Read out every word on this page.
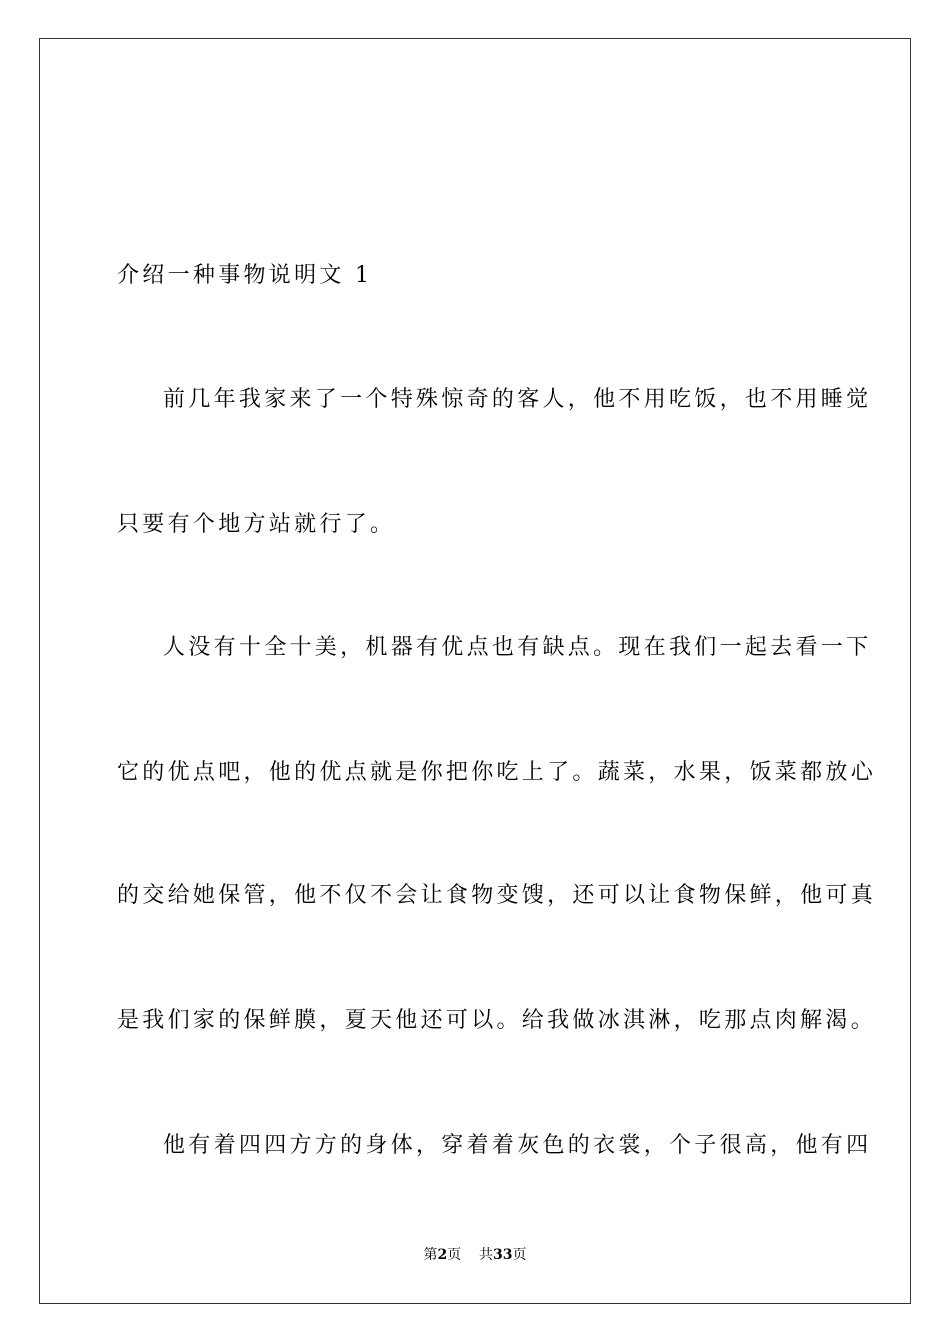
介绍一种事物说明文 1
前几年我家来了一个特殊惊奇的客人，他不用吃饭，也不用睡觉
只要有个地方站就行了。
人没有十全十美，机器有优点也有缺点。现在我们一起去看一下
它的优点吧，他的优点就是你把你吃上了。蔬菜，水果，饭菜都放心
的交给她保管，他不仅不会让食物变馊，还可以让食物保鲜，他可真
是我们家的保鲜膜，夏天他还可以。给我做冰淇淋，吃那点肉解渴。
他有着四四方方的身体，穿着着灰色的衣裳，个子很高，他有四
第2页 共33页
